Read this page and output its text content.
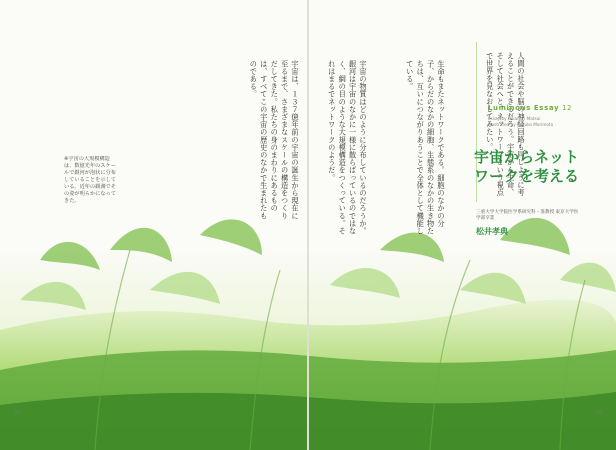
宇宙は、１３７億年前の宇宙の誕生から現在に至るまで、さまざまなスケールの構造をつくりだしてきた。私たちの身のまわりにあるものは、すべてこの宇宙の歴史のなかで生まれたものである。	宇宙の物質はどのように分布しているのだろうか。銀河は宇宙のなかに一様に散らばっているのではなく、網の目のような大規模構造をつくっている。それはまるでネットワークのようだ。	生命もまたネットワークである。細胞のなかの分子、からだのなかの細胞、生態系のなかの生き物たちは、互いにつながりあうことで全体として機能している。	人間の社会や脳の神経回路も同じように考えることができるだろう。宇宙から生命、そして社会へと、ネットワークという視点で世界を見なおしてみたい。
※宇宙の大規模構造は、数億光年のスケールで銀河が泡状に分布していることを示している。近年の観測でその姿が明らかになってきた。
Luminous Essay 12
Essay by Takanori Matsui
Illustrated by Kazuko Morimoto
宇宙からネットワークを考える
三重大学大学院医学系研究科・准教授 東京大学医学部卒業
松井孝典
24	18
